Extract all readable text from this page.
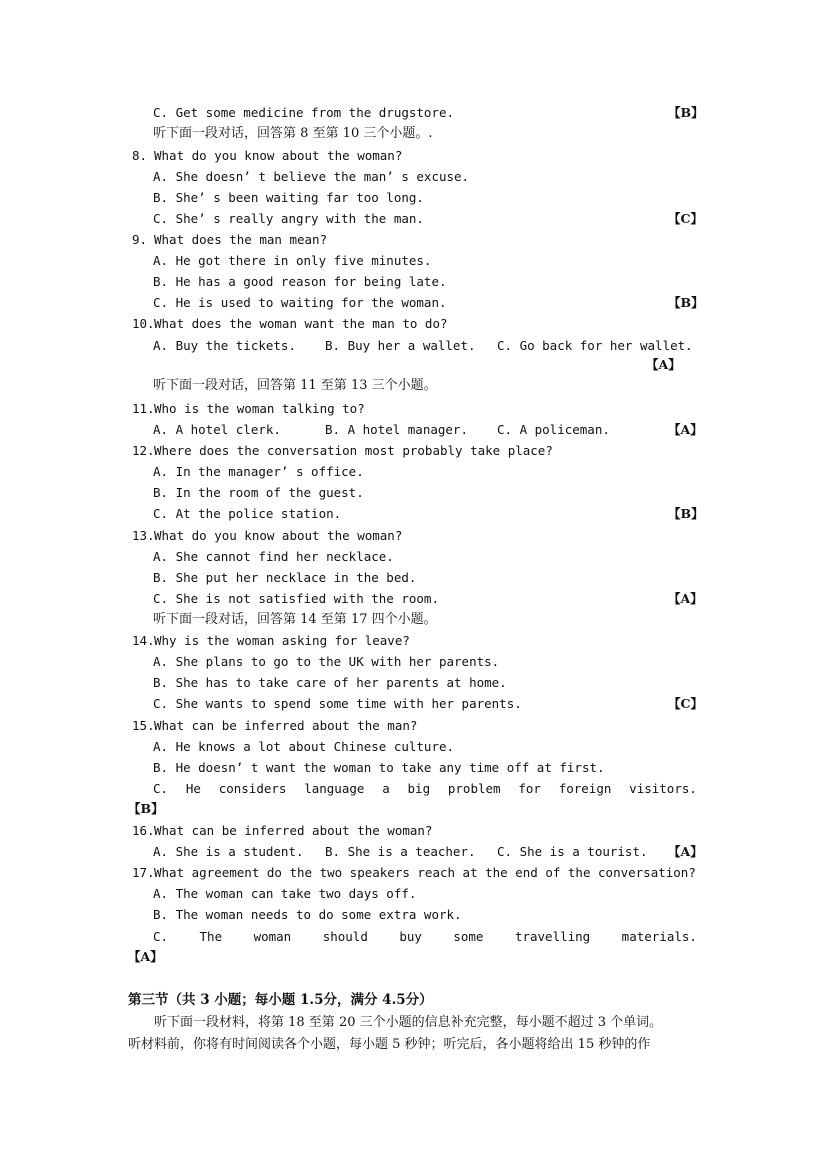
C. Get some medicine from the drugstore.	【B】
听下面一段对话，回答第 8 至第 10 三个小题。.
8. What do you know about the woman?
A. She doesn’ t believe the man’ s excuse.
B. She’ s been waiting far too long.
C. She’ s really angry with the man.	【C】
9. What does the man mean?
A. He got there in only five minutes.
B. He has a good reason for being late.
C. He is used to waiting for the woman.	【B】
10. What does the woman want the man to do?
A. Buy the tickets. B. Buy her a wallet. C. Go back for her wallet.
【A】
听下面一段对话，回答第 11 至第 13 三个小题。
11. Who is the woman talking to?
A. A hotel clerk.	B. A hotel manager. C. A policeman.	【A】
12. Where does the conversation most probably take place?
A. In the manager’ s office.
B. In the room of the guest.
C. At the police station.	【B】
13. What do you know about the woman?
A. She cannot find her necklace.
B. She put her necklace in the bed.
C. She is not satisfied with the room.	【A】
听下面一段对话，回答第 14 至第 17 四个小题。
14. Why is the woman asking for leave?
A. She plans to go to the UK with her parents.
B. She has to take care of her parents at home.
C. She wants to spend some time with her parents.	【C】
15. What can be inferred about the man?
A. He knows a lot about Chinese culture.
B. He doesn’ t want the woman to take any time off at first.
C. He considers language a big problem for foreign visitors.
【B】
16. What can be inferred about the woman?
A. She is a student. B. She is a teacher. C. She is a tourist. 【A】
17. What agreement do the two speakers reach at the end of the conversation?
A. The woman can take two days off.
B. The woman needs to do some extra work.
C.	The	woman	should	buy	some	travelling	materials.
【A】
第三节（共 3 小题；每小题 1.5分，满分 4.5分）
听下面一段材料，将第 18 至第 20 三个小题的信息补充完整，每小题不超过 3 个单词。
听材料前，你将有时间阅读各个小题，每小题 5 秒钟；听完后，各小题将给出 15 秒钟的作
